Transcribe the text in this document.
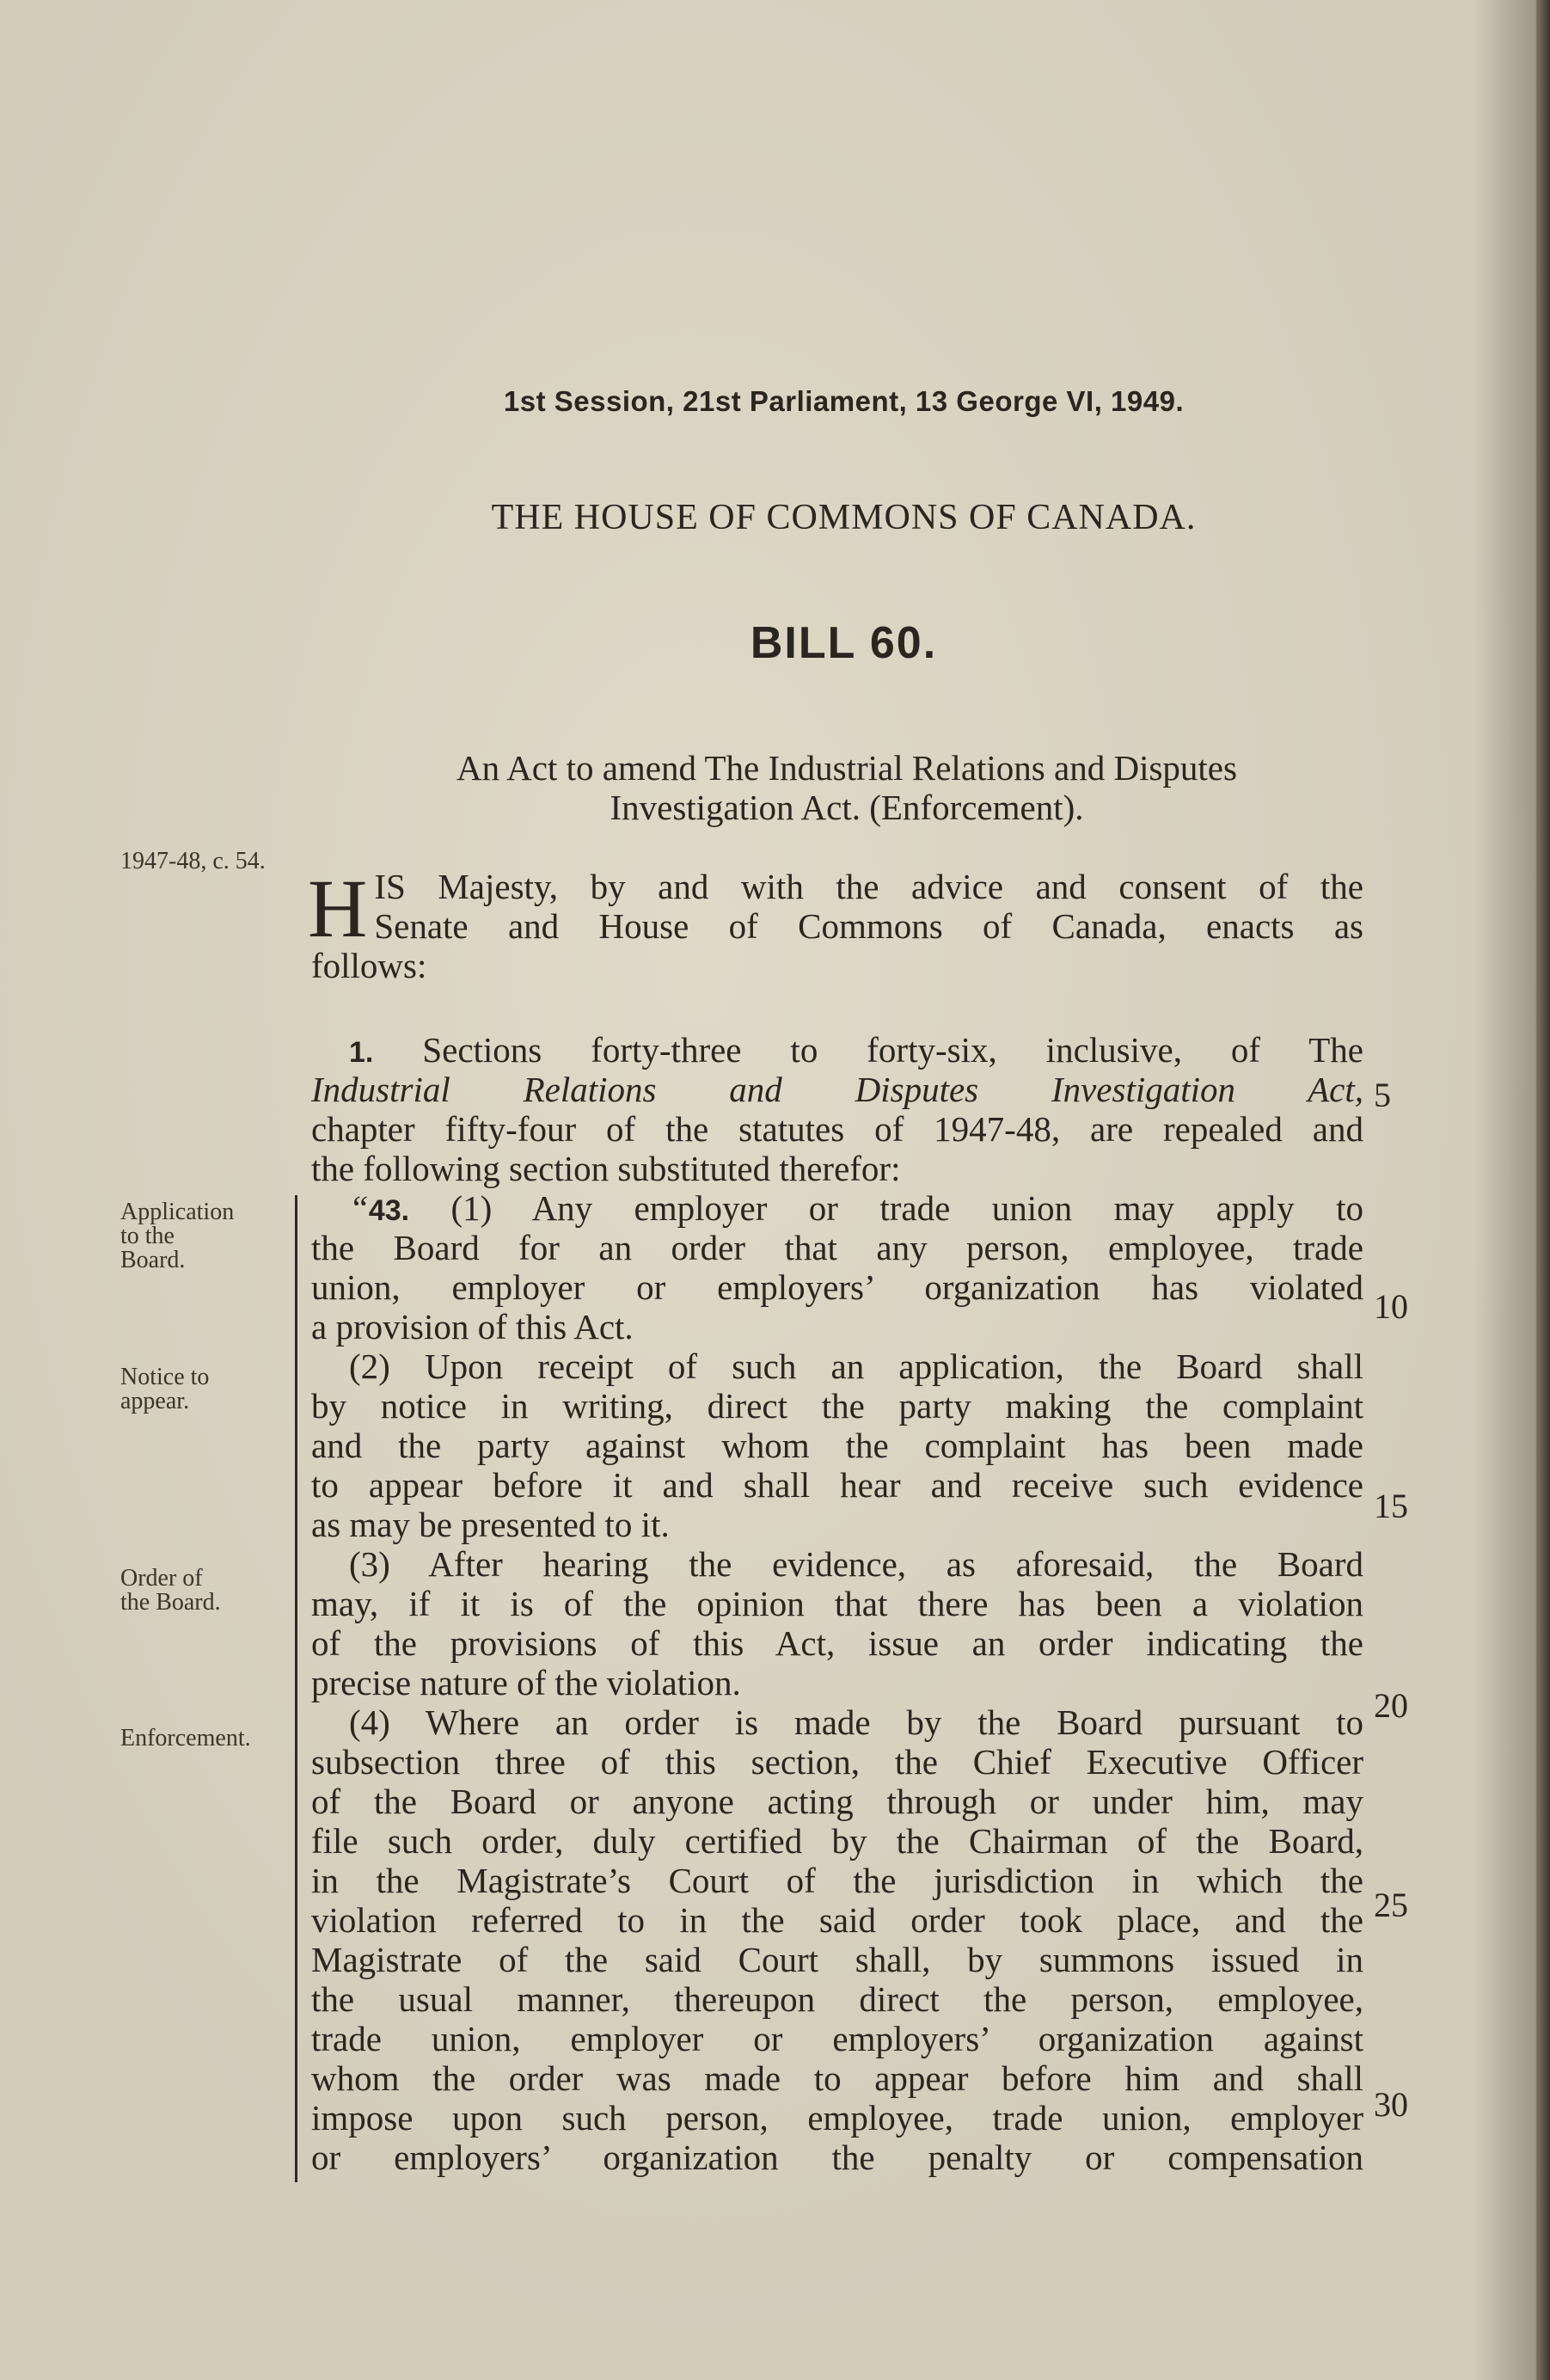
1st Session, 21st Parliament, 13 George VI, 1949.
THE HOUSE OF COMMONS OF CANADA.
BILL 60.
An Act to amend The Industrial Relations and Disputes
Investigation Act. (Enforcement).
1947-48, c. 54.
Application
to the
Board.
Notice to
appear.
Order of
the Board.
Enforcement.
H IS Majesty, by and with the advice and consent of the
Senate and House of Commons of Canada, enacts as
follows:
1. Sections forty-three to forty-six, inclusive, of The
Industrial Relations and Disputes Investigation Act,
chapter fifty-four of the statutes of 1947-48, are repealed and
the following section substituted therefor:
“43. (1) Any employer or trade union may apply to
the Board for an order that any person, employee, trade
union, employer or employers’ organization has violated
a provision of this Act.
(2) Upon receipt of such an application, the Board shall
by notice in writing, direct the party making the complaint
and the party against whom the complaint has been made
to appear before it and shall hear and receive such evidence
as may be presented to it.
(3) After hearing the evidence, as aforesaid, the Board
may, if it is of the opinion that there has been a violation
of the provisions of this Act, issue an order indicating the
precise nature of the violation.
(4) Where an order is made by the Board pursuant to
subsection three of this section, the Chief Executive Officer
of the Board or anyone acting through or under him, may
file such order, duly certified by the Chairman of the Board,
in the Magistrate’s Court of the jurisdiction in which the
violation referred to in the said order took place, and the
Magistrate of the said Court shall, by summons issued in
the usual manner, thereupon direct the person, employee,
trade union, employer or employers’ organization against
whom the order was made to appear before him and shall
impose upon such person, employee, trade union, employer
or employers’ organization the penalty or compensation
5
10
15
20
25
30
